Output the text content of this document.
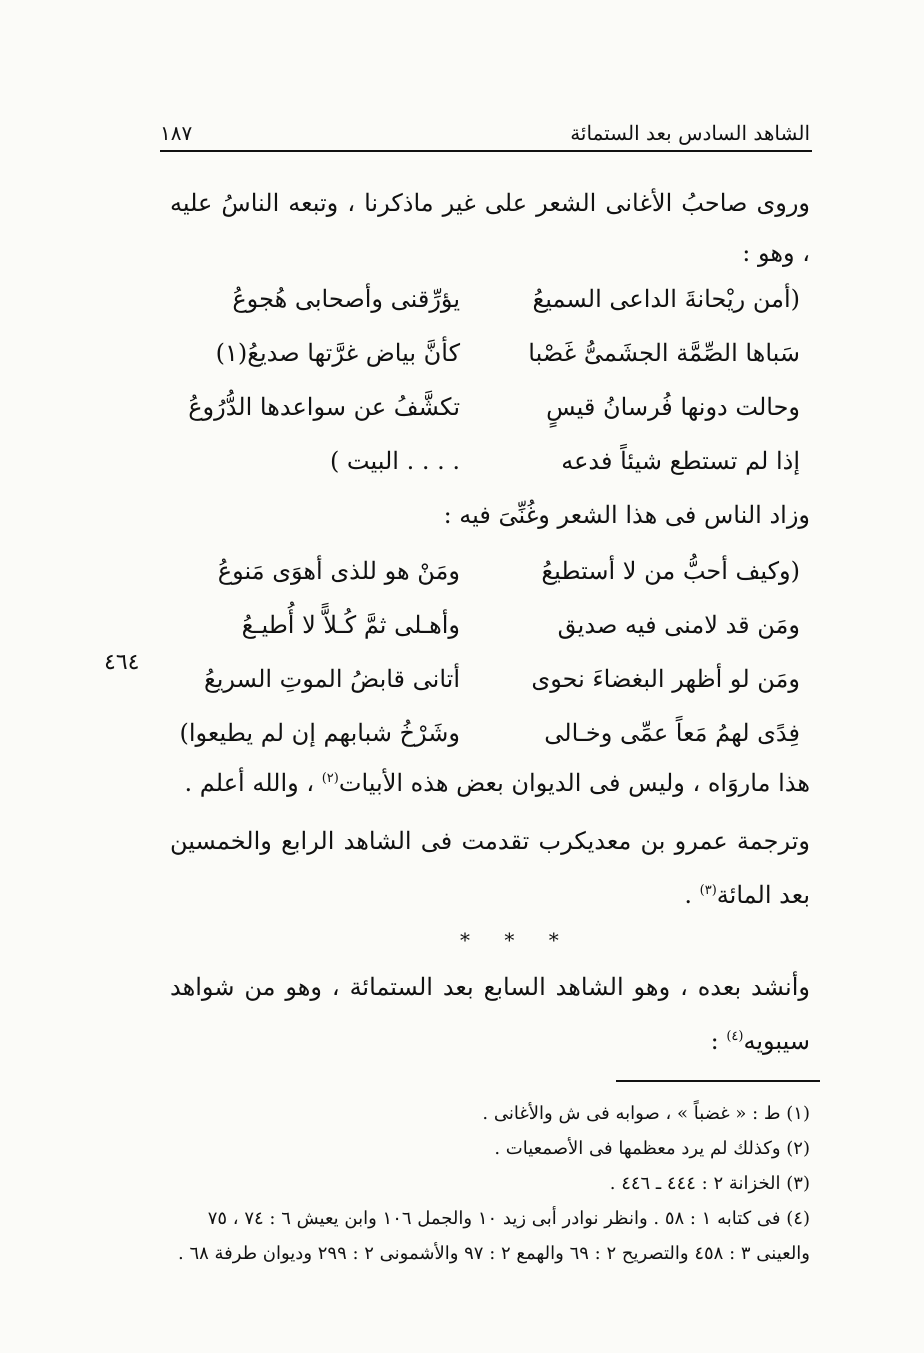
الشاهد السادس بعد الستمائة
١٨٧
وروى صاحبُ الأغانى الشعر على غير ماذكرنا ، وتبعه الناسُ عليه ، وهو :
(أمن ريْحانةَ الداعى السميعُ
يؤرِّقنى وأصحابى هُجوعُ
سَباها الصِّمَّة الجشَمىُّ غَصْبا
كأنَّ بياض غرَّتها صديعُ(١)
وحالت دونها فُرسانُ قيسٍ
تكشَّفُ عن سواعدها الدُّرُوعُ
إذا لم تستطع شيئاً فدعه
. . . . البيت )
وزاد الناس فى هذا الشعر وغُنِّىَ فيه :
(وكيف أحبُّ من لا أستطيعُ
ومَنْ هو للذى أهوَى مَنوعُ
ومَن قد لامنى فيه صديق
وأهـلى ثمَّ كُـلاًّ لا أُطيـعُ
ومَن لو أظهر البغضاءَ نحوى
أتانى قابضُ الموتِ السريعُ
فِدًى لهمُ مَعاً عمِّى وخـالى
وشَرْخُ شبابهم إن لم يطيعوا)
٤٦٤
هذا ماروَاه ، وليس فى الديوان بعض هذه الأبيات$^{(٢)}$ ، والله أعلم .
وترجمة عمرو بن معديكرب تقدمت فى الشاهد الرابع والخمسين بعد المائة$^{(٣)}$ .
* * *
وأنشد بعده ، وهو الشاهد السابع بعد الستمائة ، وهو من شواهد سيبويه$^{(٤)}$ :
(١) ط : « غضباً » ، صوابه فى ش والأغانى .
(٢) وكذلك لم يرد معظمها فى الأصمعيات .
(٣) الخزانة ٢ : ٤٤٤ ـ ٤٤٦ .
(٤) فى كتابه ١ : ٥٨ . وانظر نوادر أبى زيد ١٠ والجمل ١٠٦ وابن يعيش ٦ : ٧٤ ، ٧٥ والعينى ٣ : ٤٥٨ والتصريح ٢ : ٦٩ والهمع ٢ : ٩٧ والأشمونى ٢ : ٢٩٩ وديوان طرفة ٦٨ .
